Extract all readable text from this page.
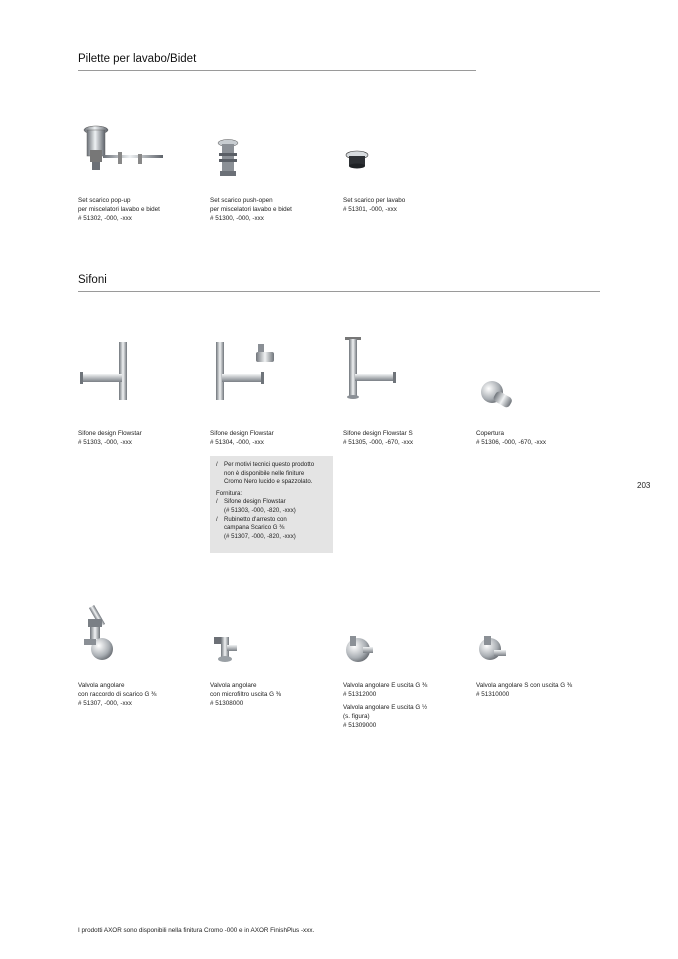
Pilette per lavabo/Bidet
Set scarico pop-up
per miscelatori lavabo e bidet
# 51302, -000, -xxx
Set scarico push-open
per miscelatori lavabo e bidet
# 51300, -000, -xxx
Set scarico per lavabo
# 51301, -000, -xxx
Sifoni
Sifone design Flowstar
# 51303, -000, -xxx
Sifone design Flowstar
# 51304, -000, -xxx
Sifone design Flowstar S
# 51305, -000, -670, -xxx
Copertura
# 51306, -000, -670, -xxx
/	Per motivi tecnici questo prodotto
non è disponibile nelle finiture
Cromo Nero lucido e spazzolato.
Fornitura:
/	Sifone design Flowstar
(# 51303, -000, -820, -xxx)
/	Rubinetto d'arresto con
campana Scarico G ⅜
(# 51307, -000, -820, -xxx)
203
Valvola angolare
con raccordo di scarico G ⅜
# 51307, -000, -xxx
Valvola angolare
con microfiltro uscita G ⅜
# 51308000
Valvola angolare E uscita G ⅜
# 51312000
Valvola angolare E uscita G ½
(s. figura)
# 51309000
Valvola angolare S con uscita G ⅜
# 51310000
I prodotti AXOR sono disponibili nella finitura Cromo -000 e in AXOR FinishPlus -xxx.
